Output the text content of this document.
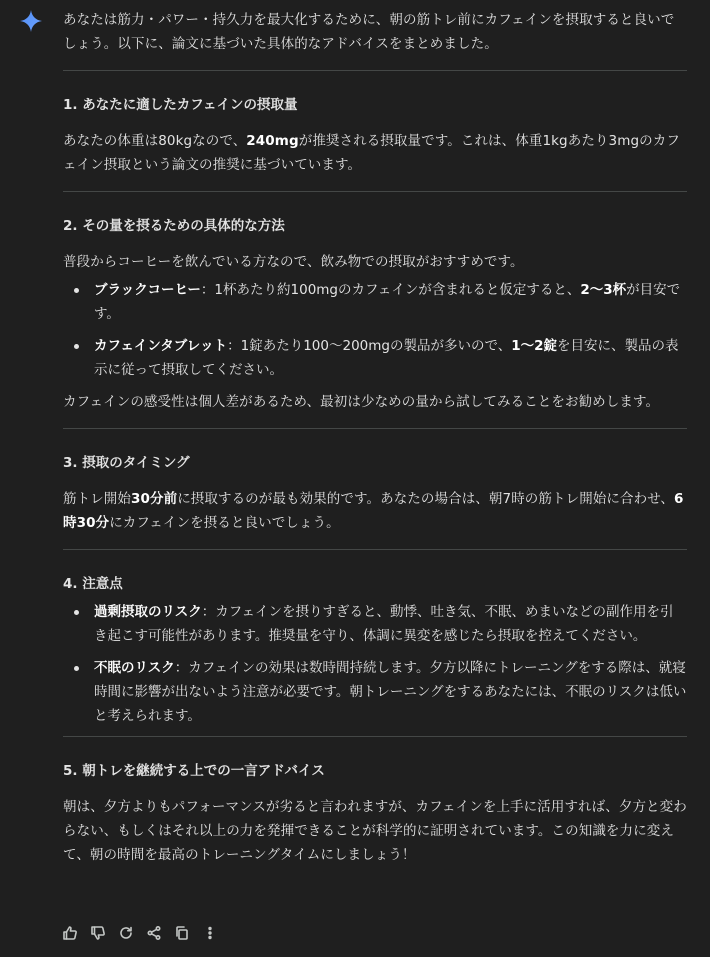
あなたは筋力・パワー・持久力を最大化するために、朝の筋トレ前にカフェインを摂取すると良いでしょう。以下に、論文に基づいた具体的なアドバイスをまとめました。

1. あなたに適したカフェインの摂取量

あなたの体重は80kgなので、240mgが推奨される摂取量です。これは、体重1kgあたり3mgのカフェイン摂取という論文の推奨に基づいています。

2. その量を摂るための具体的な方法

普段からコーヒーを飲んでいる方なので、飲み物での摂取がおすすめです。

ブラックコーヒー：1杯あたり約100mgのカフェインが含まれると仮定すると、2〜3杯が目安です。
カフェインタブレット：1錠あたり100〜200mgの製品が多いので、1〜2錠を目安に、製品の表示に従って摂取してください。

カフェインの感受性は個人差があるため、最初は少なめの量から試してみることをお勧めします。

3. 摂取のタイミング

筋トレ開始30分前に摂取するのが最も効果的です。あなたの場合は、朝7時の筋トレ開始に合わせ、6時30分にカフェインを摂ると良いでしょう。

4. 注意点
過剰摂取のリスク：カフェインを摂りすぎると、動悸、吐き気、不眠、めまいなどの副作用を引き起こす可能性があります。推奨量を守り、体調に異変を感じたら摂取を控えてください。
不眠のリスク：カフェインの効果は数時間持続します。夕方以降にトレーニングをする際は、就寝時間に影響が出ないよう注意が必要です。朝トレーニングをするあなたには、不眠のリスクは低いと考えられます。
5. 朝トレを継続する上での一言アドバイス

朝は、夕方よりもパフォーマンスが劣ると言われますが、カフェインを上手に活用すれば、夕方と変わらない、もしくはそれ以上の力を発揮できることが科学的に証明されています。この知識を力に変えて、朝の時間を最高のトレーニングタイムにしましょう！
